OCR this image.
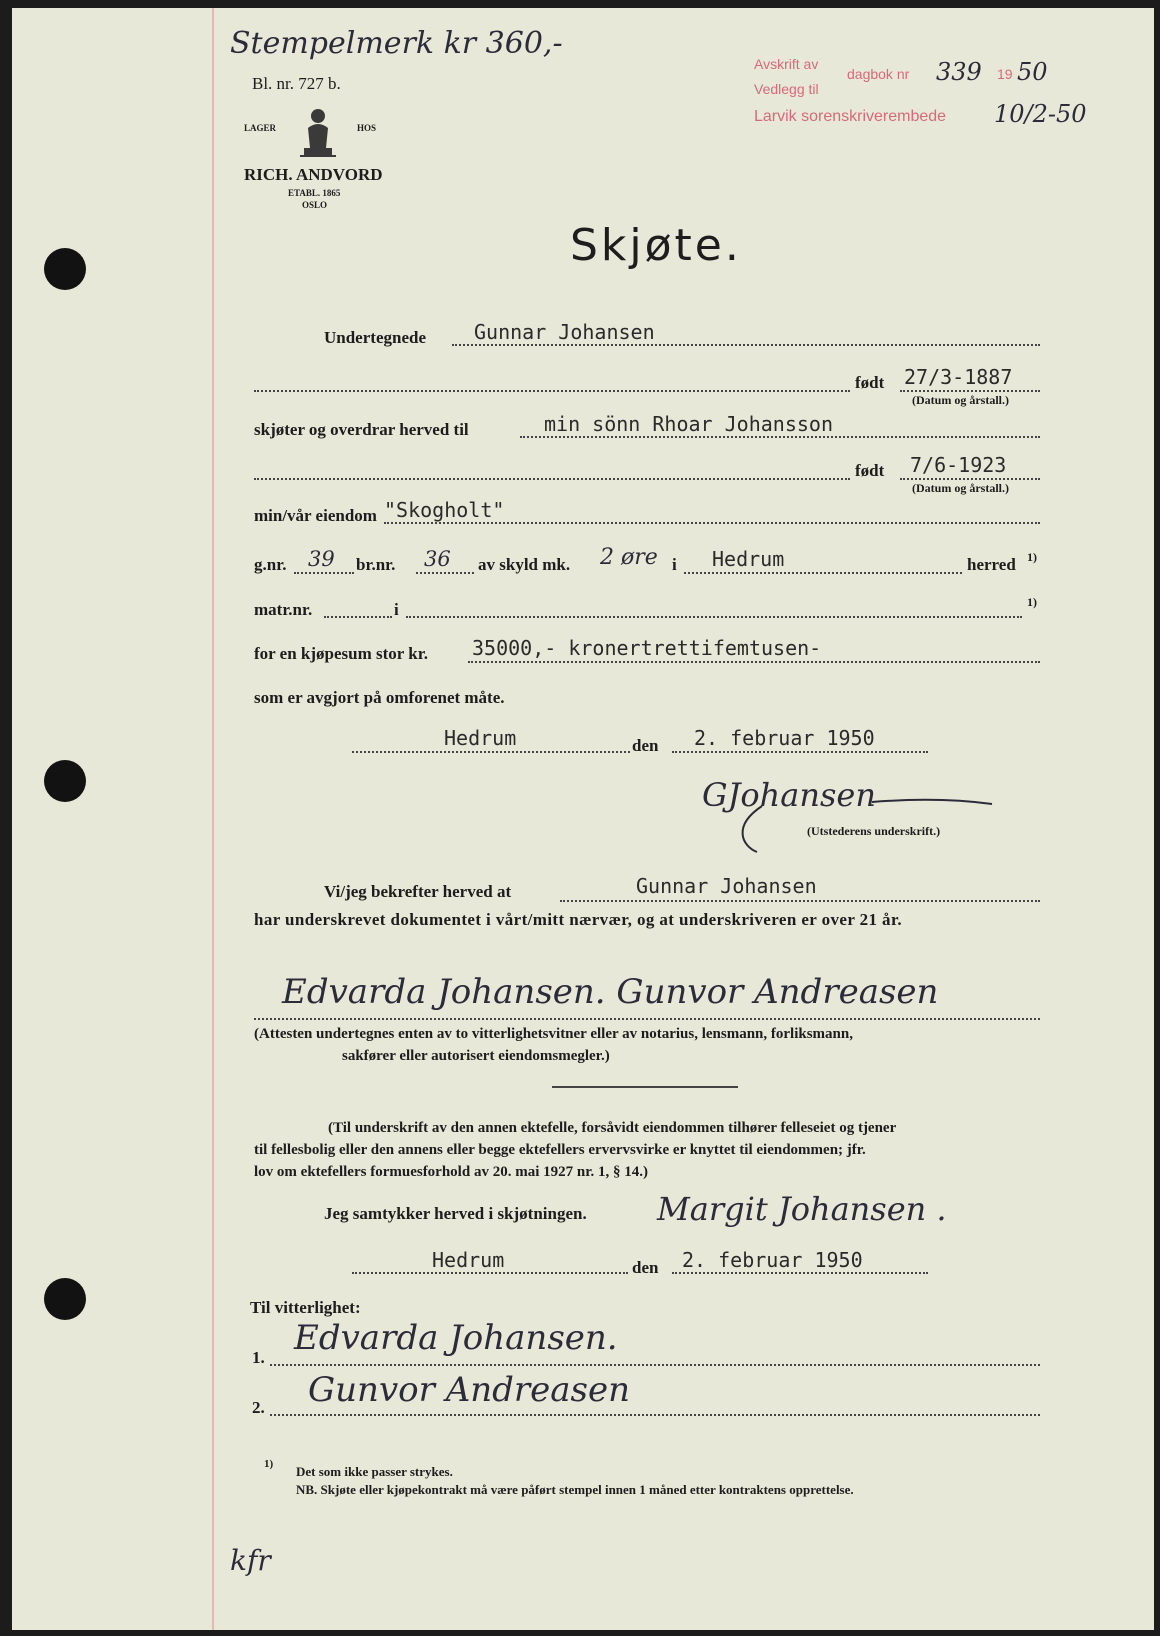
Stempelmerk kr 360,-
Bl. nr. 727 b.
LAGER	HOS
RICH. ANDVORD
ETABL. 1865
OSLO
Avskrift av
dagbok nr
Vedlegg til
Larvik sorenskriverembede
339 19 50
10/2-50
Skjøte.
Undertegnede Gunnar Johansen
født 27/3-1887
(Datum og årstall.)
skjøter og overdrar herved til	min sönn Rhoar Johansson
født 7/6-1923
(Datum og årstall.)
min/vår eiendom "Skogholt"
g.nr. 39 br.nr. 36 av skyld mk. 2 øre i Hedrum	herred 1)
matr.nr.	i	1)
for en kjøpesum stor kr. 35000,- kronertrettifemtusen-
som er avgjort på omforenet måte.
Hedrum	den 2. februar 1950
GJohansen
(Utstederens underskrift.)
Vi/jeg bekrefter herved at	Gunnar Johansen
har underskrevet dokumentet i vårt/mitt nærvær, og at underskriveren er over 21 år.
Edvarda Johansen. Gunvor Andreasen
(Attesten undertegnes enten av to vitterlighetsvitner eller av notarius, lensmann, forliksmann,
sakfører eller autorisert eiendomsmegler.)
(Til underskrift av den annen ektefelle, forsåvidt eiendommen tilhører felleseiet og tjener
til fellesbolig eller den annens eller begge ektefellers ervervsvirke er knyttet til eiendommen; jfr.
lov om ektefellers formuesforhold av 20. mai 1927 nr. 1, § 14.)
Jeg samtykker herved i skjøtningen. Margit Johansen .
Hedrum	den 2. februar 1950
Til vitterlighet:
1. Edvarda Johansen.
2. Gunvor Andreasen
1) Det som ikke passer strykes.
NB. Skjøte eller kjøpekontrakt må være påført stempel innen 1 måned etter kontraktens opprettelse.
kfr
